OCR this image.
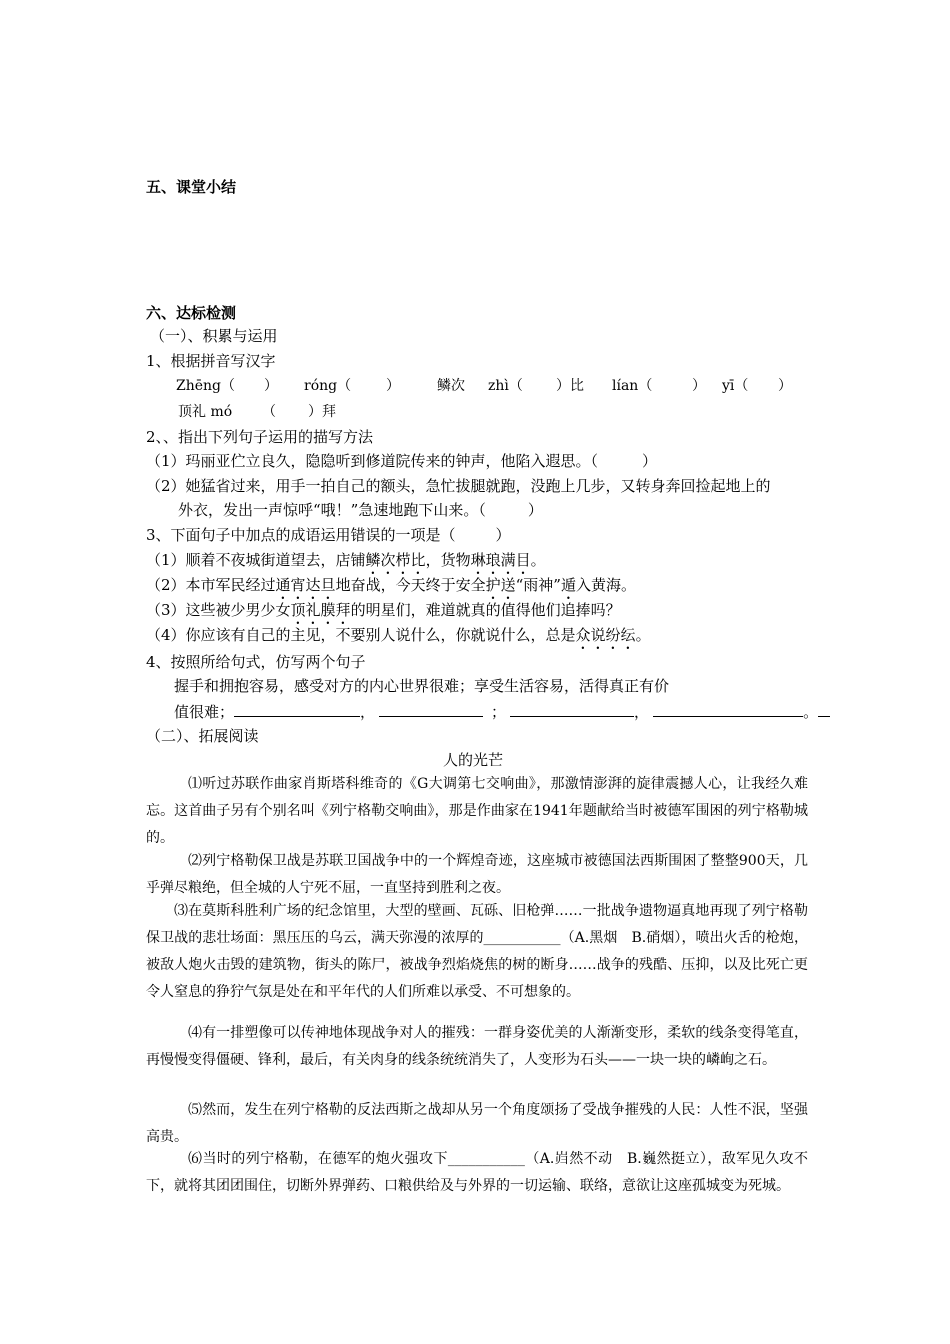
五、课堂小结
六、达标检测
（一）、积累与运用
1、根据拼音写汉字
Zhēng（ ） róng（ ）	鳞次 zhì（ ）比 lían（	） yī（ ）
顶礼 mó （ ）拜
2、、指出下列句子运用的描写方法
（1）玛丽亚伫立良久，隐隐听到修道院传来的钟声，他陷入遐思。（	）
（2）她猛省过来，用手一拍自己的额头，急忙拔腿就跑，没跑上几步，又转身奔回捡起地上的
外衣，发出一声惊呼“哦！”急速地跑下山来。（	）
3、下面句子中加点的成语运用错误的一项是（	）
（1）顺着不夜城街道望去，店铺鳞次栉比，货物琳琅满目。
（2）本市军民经过通宵达旦地奋战，今天终于安全护送“雨神”遁入黄海。
（3）这些被少男少女顶礼膜拜的明星们，难道就真的值得他们追捧吗？
（4）你应该有自己的主见，不要别人说什么，你就说什么，总是众说纷纭。
4、按照所给句式，仿写两个句子
握手和拥抱容易，感受对方的内心世界很难；享受生活容易，活得真正有价
值很难；	，	；	，	。
（二）、拓展阅读
人的光芒
⑴听过苏联作曲家肖斯塔科维奇的《G大调第七交响曲》，那激情澎湃的旋律震撼人心，让我经久难忘。这首曲子另有个别名叫《列宁格勒交响曲》，那是作曲家在1941年题献给当时被德军围困的列宁格勒城的。
⑵列宁格勒保卫战是苏联卫国战争中的一个辉煌奇迹，这座城市被德国法西斯围困了整整900天，几乎弹尽粮绝，但全城的人宁死不屈，一直坚持到胜利之夜。
⑶在莫斯科胜利广场的纪念馆里，大型的壁画、瓦砾、旧枪弹……一批战争遗物逼真地再现了列宁格勒保卫战的悲壮场面：黑压压的乌云，满天弥漫的浓厚的___________（A.黑烟　B.硝烟），喷出火舌的枪炮，被敌人炮火击毁的建筑物，街头的陈尸，被战争烈焰烧焦的树的断身……战争的残酷、压抑，以及比死亡更令人窒息的狰狞气氛是处在和平年代的人们所难以承受、不可想象的。
⑷有一排塑像可以传神地体现战争对人的摧残：一群身姿优美的人渐渐变形，柔软的线条变得笔直，再慢慢变得僵硬、锋利，最后，有关肉身的线条统统消失了，人变形为石头——一块一块的嶙峋之石。
⑸然而，发生在列宁格勒的反法西斯之战却从另一个角度颂扬了受战争摧残的人民：人性不泯，坚强高贵。
⑹当时的列宁格勒，在德军的炮火强攻下___________（A.岿然不动　B.巍然挺立），敌军见久攻不下，就将其团团围住，切断外界弹药、口粮供给及与外界的一切运输、联络，意欲让这座孤城变为死城。
